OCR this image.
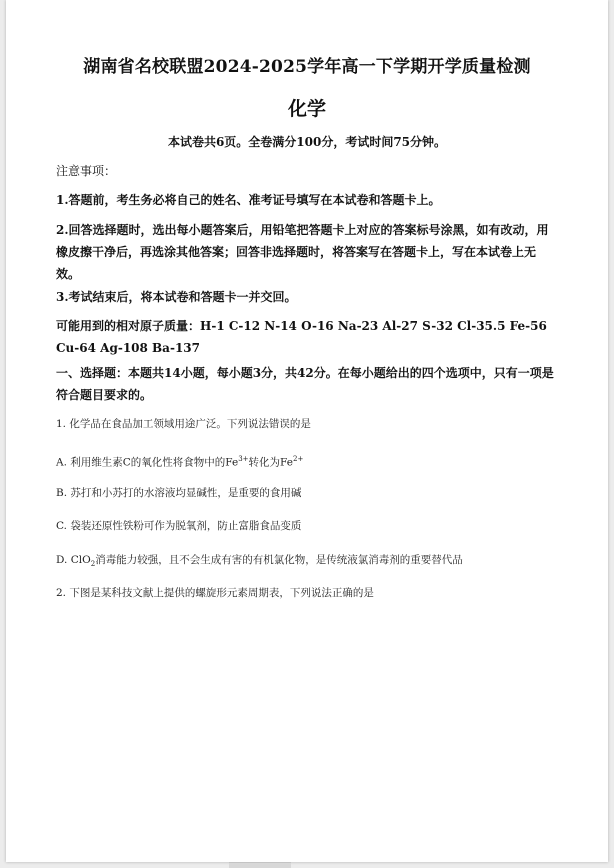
湖南省名校联盟2024-2025学年高一下学期开学质量检测
化学
本试卷共6页。全卷满分100分，考试时间75分钟。
注意事项：
1.答题前，考生务必将自己的姓名、准考证号填写在本试卷和答题卡上。
2.回答选择题时，选出每小题答案后，用铅笔把答题卡上对应的答案标号涂黑，如有改动，用橡皮擦干净后，再选涂其他答案；回答非选择题时，将答案写在答题卡上，写在本试卷上无效。
3.考试结束后，将本试卷和答题卡一并交回。
可能用到的相对原子质量：H-1 C-12 N-14 O-16 Na-23 Al-27 S-32 Cl-35.5 Fe-56
Cu-64 Ag-108 Ba-137
一、选择题：本题共14小题，每小题3分，共42分。在每小题给出的四个选项中，只有一项是符合题目要求的。
1. 化学品在食品加工领域用途广泛。下列说法错误的是
A. 利用维生素C的氧化性将食物中的$Fe^{3+}$转化为$Fe^{2+}$
B. 苏打和小苏打的水溶液均显碱性，是重要的食用碱
C. 袋装还原性铁粉可作为脱氧剂，防止富脂食品变质
D. ClO$_2$消毒能力较强，且不会生成有害的有机氯化物，是传统液氯消毒剂的重要替代品
2. 下图是某科技文献上提供的螺旋形元素周期表，下列说法正确的是
